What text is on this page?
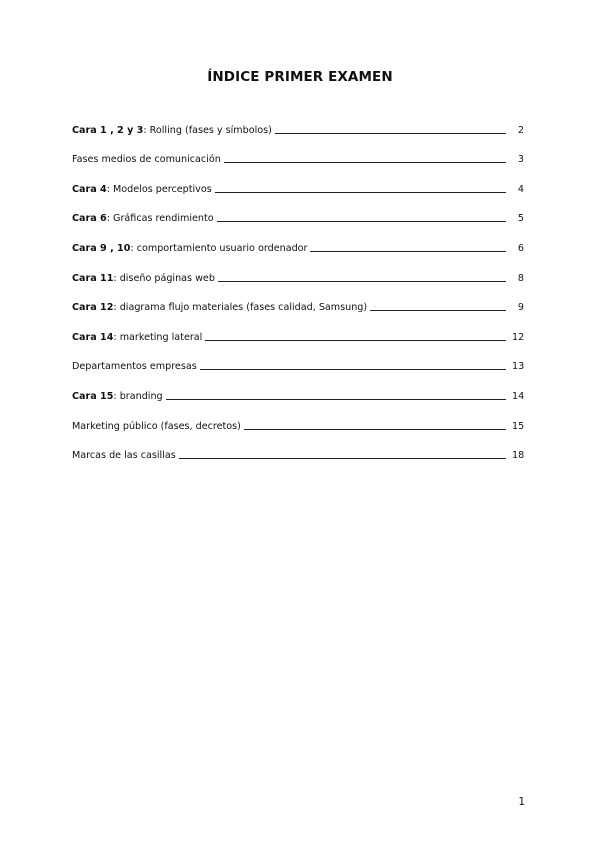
ÍNDICE PRIMER EXAMEN
Cara 1 , 2 y 3: Rolling (fases y símbolos)	2
Fases medios de comunicación	3
Cara 4: Modelos perceptivos	4
Cara 6: Gráficas rendimiento	5
Cara 9 , 10: comportamiento usuario ordenador	6
Cara 11: diseño páginas web	8
Cara 12: diagrama flujo materiales (fases calidad, Samsung)	9
Cara 14: marketing lateral	12
Departamentos empresas	13
Cara 15: branding	14
Marketing público (fases, decretos)	15
Marcas de las casillas	18
1
